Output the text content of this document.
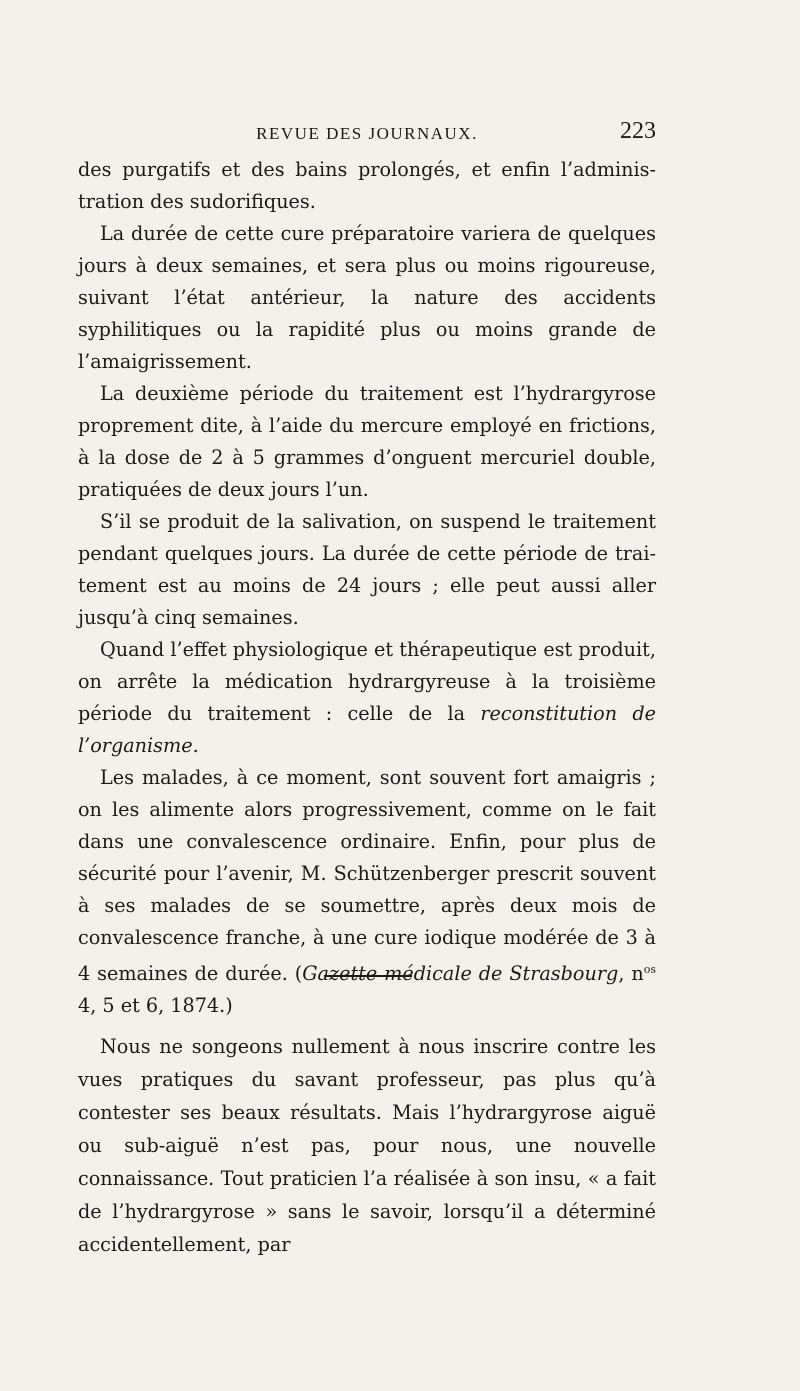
REVUE DES JOURNAUX.	223

des purgatifs et des bains prolongés, et enfin l’administration des sudorifiques.

La durée de cette cure préparatoire variera de quelques jours à deux semaines, et sera plus ou moins rigoureuse, suivant l’état antérieur, la nature des accidents syphilitiques ou la rapidité plus ou moins grande de l’amaigrissement.

La deuxième période du traitement est l’hydrargyrose proprement dite, à l’aide du mercure employé en frictions, à la dose de 2 à 5 grammes d’onguent mercuriel double, pratiquées de deux jours l’un.

S’il se produit de la salivation, on suspend le traitement pendant quelques jours. La durée de cette période de traitement est au moins de 24 jours ; elle peut aussi aller jusqu’à cinq semaines.

Quand l’effet physiologique et thérapeutique est produit, on arrête la médication hydrargyreuse à la troisième période du traitement : celle de la reconstitution de l’organisme.

Les malades, à ce moment, sont souvent fort amaigris ; on les alimente alors progressivement, comme on le fait dans une convalescence ordinaire. Enfin, pour plus de sécurité pour l’avenir, M. Schützenberger prescrit souvent à ses malades de se soumettre, après deux mois de convalescence franche, à une cure iodique modérée de 3 à 4 semaines de durée. (Gazette médicale de Strasbourg, $n^{os}$ 4, 5 et 6, 1874.)

Nous ne songeons nullement à nous inscrire contre les vues pratiques du savant professeur, pas plus qu’à contester ses beaux résultats. Mais l’hydrargyrose aiguë ou sub-aiguë n’est pas, pour nous, une nouvelle connaissance. Tout praticien l’a réalisée à son insu, « a fait de l’hydrargyrose » sans le savoir, lorsqu’il a déterminé accidentellement, par
